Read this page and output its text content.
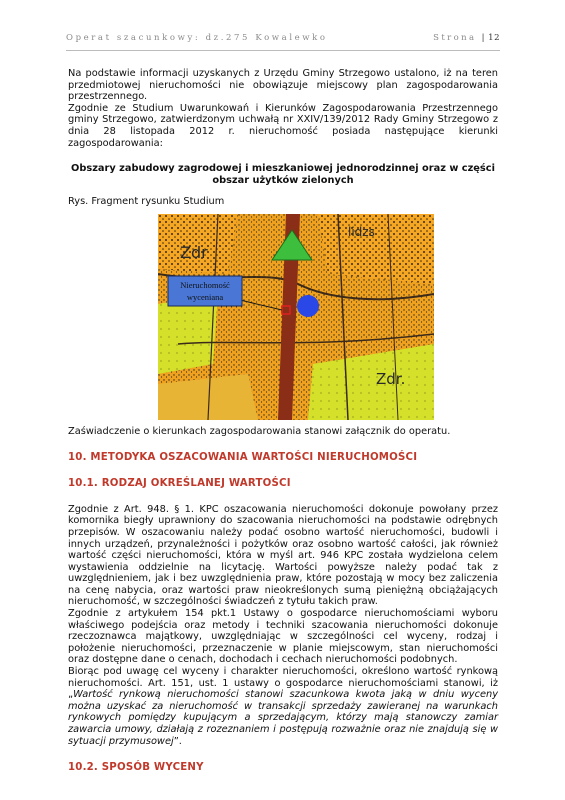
Operat szacunkowy: dz.275 Kowalewko	Strona | 12

Na podstawie informacji uzyskanych z Urzędu Gminy Strzegowo ustalono, iż na teren przedmiotowej nieruchomości nie obowiązuje miejscowy plan zagospodarowania przestrzennego.

Zgodnie ze Studium Uwarunkowań i Kierunków Zagospodarowania Przestrzennego gminy Strzegowo, zatwierdzonym uchwałą nr XXIV/139/2012 Rady Gminy Strzegowo z dnia 28 listopada 2012 r. nieruchomość posiada następujące kierunki zagospodarowania:

Obszary zabudowy zagrodowej i mieszkaniowej jednorodzinnej oraz w części obszar użytków zielonych

Rys. Fragment rysunku Studium

Nieruchomość
wyceniana
Zdr
Zdr.
lidzs

Zaświadczenie o kierunkach zagospodarowania stanowi załącznik do operatu.

10. METODYKA OSZACOWANIA WARTOŚCI NIERUCHOMOŚCI
10.1. RODZAJ OKREŚLANEJ WARTOŚCI

Zgodnie z Art. 948. § 1. KPC oszacowania nieruchomości dokonuje powołany przez komornika biegły uprawniony do szacowania nieruchomości na podstawie odrębnych przepisów. W oszacowaniu należy podać osobno wartość nieruchomości, budowli i innych urządzeń, przynależności i pożytków oraz osobno wartość całości, jak również wartość części nieruchomości, która w myśl art. 946 KPC została wydzielona celem wystawienia oddzielnie na licytację. Wartości powyższe należy podać tak z uwzględnieniem, jak i bez uwzględnienia praw, które pozostają w mocy bez zaliczenia na cenę nabycia, oraz wartości praw nieokreślonych sumą pieniężną obciążających nieruchomość, w szczególności świadczeń z tytułu takich praw.

Zgodnie z artykułem 154 pkt.1 Ustawy o gospodarce nieruchomościami wyboru właściwego podejścia oraz metody i techniki szacowania nieruchomości dokonuje rzeczoznawca majątkowy, uwzględniając w szczególności cel wyceny, rodzaj i położenie nieruchomości, przeznaczenie w planie miejscowym, stan nieruchomości oraz dostępne dane o cenach, dochodach i cechach nieruchomości podobnych.

Biorąc pod uwagę cel wyceny i charakter nieruchomości, określono wartość rynkową nieruchomości. Art. 151, ust. 1 ustawy o gospodarce nieruchomościami stanowi, iż „Wartość rynkową nieruchomości stanowi szacunkowa kwota jaką w dniu wyceny można uzyskać za nieruchomość w transakcji sprzedaży zawieranej na warunkach rynkowych pomiędzy kupującym a sprzedającym, którzy mają stanowczy zamiar zawarcia umowy, działają z rozeznaniem i postępują rozważnie oraz nie znajdują się w sytuacji przymusowej”.

10.2. SPOSÓB WYCENY
